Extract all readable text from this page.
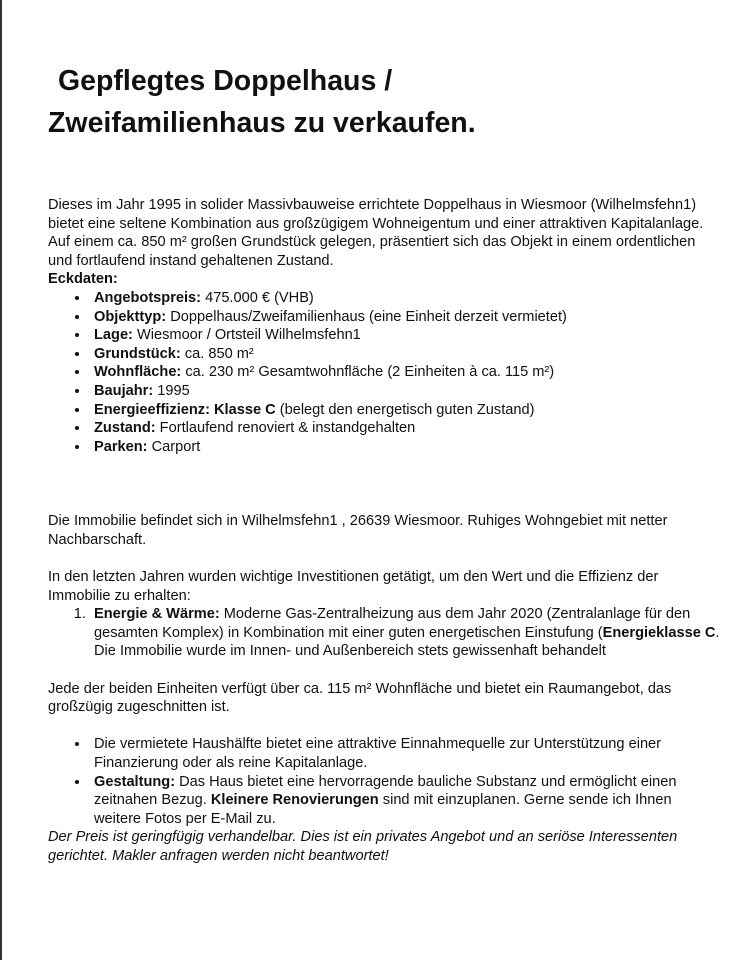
Gepflegtes Doppelhaus /
Zweifamilienhaus zu verkaufen.

Dieses im Jahr 1995 in solider Massivbauweise errichtete Doppelhaus in Wiesmoor (Wilhelmsfehn1) bietet eine seltene Kombination aus großzügigem Wohneigentum und einer attraktiven Kapitalanlage. Auf einem ca. 850 m² großen Grundstück gelegen, präsentiert sich das Objekt in einem ordentlichen und fortlaufend instand gehaltenen Zustand.

Eckdaten:

• Angebotspreis: 475.000 € (VHB)
• Objekttyp: Doppelhaus/Zweifamilienhaus (eine Einheit derzeit vermietet)
• Lage: Wiesmoor / Ortsteil Wilhelmsfehn1
• Grundstück: ca. 850 m²
• Wohnfläche: ca. 230 m² Gesamtwohnfläche (2 Einheiten à ca. 115 m²)
• Baujahr: 1995
• Energieeffizienz: Klasse C (belegt den energetisch guten Zustand)
• Zustand: Fortlaufend renoviert & instandgehalten
• Parken: Carport

Die Immobilie befindet sich in Wilhelmsfehn1 , 26639 Wiesmoor. Ruhiges Wohngebiet mit netter Nachbarschaft.

In den letzten Jahren wurden wichtige Investitionen getätigt, um den Wert und die Effizienz der Immobilie zu erhalten:

1. Energie & Wärme: Moderne Gas-Zentralheizung aus dem Jahr 2020 (Zentralanlage für den gesamten Komplex) in Kombination mit einer guten energetischen Einstufung (Energieklasse C.
Die Immobilie wurde im Innen- und Außenbereich stets gewissenhaft behandelt

Jede der beiden Einheiten verfügt über ca. 115 m² Wohnfläche und bietet ein Raumangebot, das großzügig zugeschnitten ist.

• Die vermietete Haushälfte bietet eine attraktive Einnahmequelle zur Unterstützung einer Finanzierung oder als reine Kapitalanlage.
• Gestaltung: Das Haus bietet eine hervorragende bauliche Substanz und ermöglicht einen zeitnahen Bezug. Kleinere Renovierungen sind mit einzuplanen. Gerne sende ich Ihnen weitere Fotos per E-Mail zu.

Der Preis ist geringfügig verhandelbar. Dies ist ein privates Angebot und an seriöse Interessenten gerichtet. Makler anfragen werden nicht beantwortet!
